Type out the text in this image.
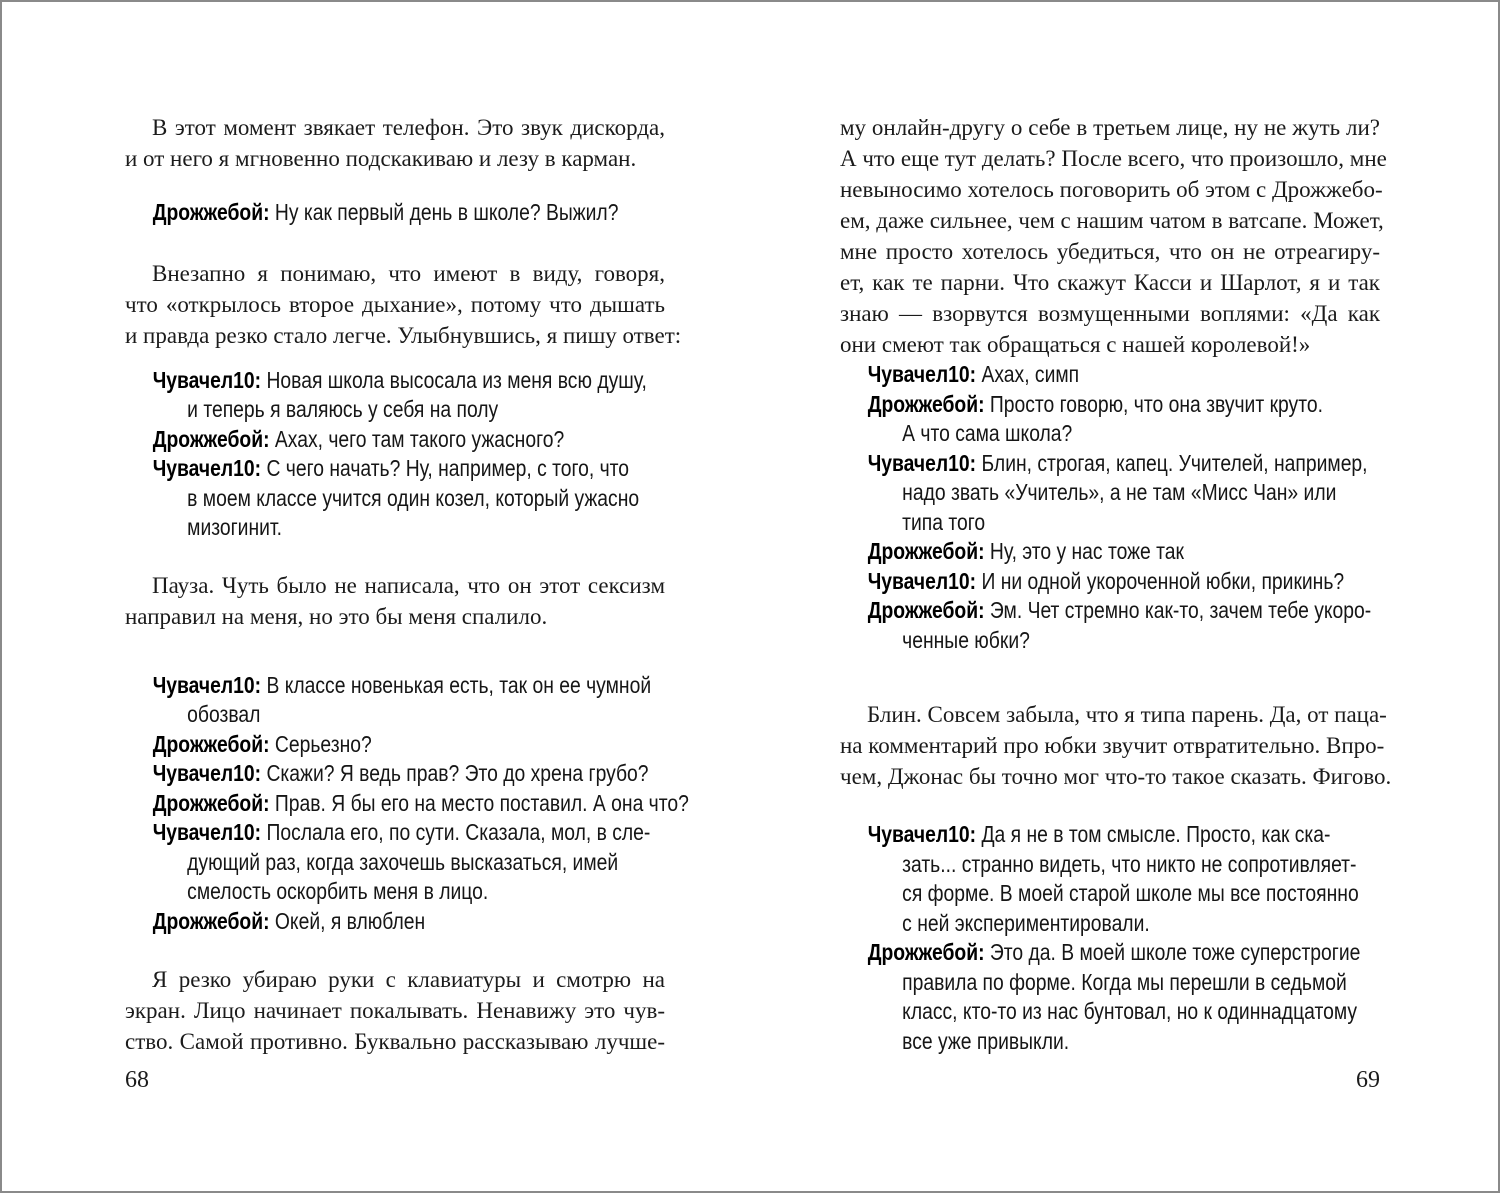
В этот момент звякает телефон. Это звук дискорда,
и от него я мгновенно подскакиваю и лезу в карман.
Дрожжебой: Ну как первый день в школе? Выжил?
Внезапно я понимаю, что имеют в виду, говоря,
что «открылось второе дыхание», потому что дышать
и правда резко стало легче. Улыбнувшись, я пишу ответ:
Чувачел10: Новая школа высосала из меня всю душу,
и теперь я валяюсь у себя на полу
Дрожжебой: Ахах, чего там такого ужасного?
Чувачел10: С чего начать? Ну, например, с того, что
в моем классе учится один козел, который ужасно
мизогинит.
Пауза. Чуть было не написала, что он этот сексизм
направил на меня, но это бы меня спалило.
Чувачел10: В классе новенькая есть, так он ее чумной
обозвал
Дрожжебой: Серьезно?
Чувачел10: Скажи? Я ведь прав? Это до хрена грубо?
Дрожжебой: Прав. Я бы его на место поставил. А она что?
Чувачел10: Послала его, по сути. Сказала, мол, в сле-
дующий раз, когда захочешь высказаться, имей
смелость оскорбить меня в лицо.
Дрожжебой: Окей, я влюблен
Я резко убираю руки с клавиатуры и смотрю на
экран. Лицо начинает покалывать. Ненавижу это чув-
ство. Самой противно. Буквально рассказываю лучше-
68
му онлайн-другу о себе в третьем лице, ну не жуть ли?
А что еще тут делать? После всего, что произошло, мне
невыносимо хотелось поговорить об этом с Дрожжебо-
ем, даже сильнее, чем с нашим чатом в ватсапе. Может,
мне просто хотелось убедиться, что он не отреагиру-
ет, как те парни. Что скажут Касси и Шарлот, я и так
знаю — взорвутся возмущенными воплями: «Да как
они смеют так обращаться с нашей королевой!»
Чувачел10: Ахах, симп
Дрожжебой: Просто говорю, что она звучит круто.
А что сама школа?
Чувачел10: Блин, строгая, капец. Учителей, например,
надо звать «Учитель», а не там «Мисс Чан» или
типа того
Дрожжебой: Ну, это у нас тоже так
Чувачел10: И ни одной укороченной юбки, прикинь?
Дрожжебой: Эм. Чет стремно как-то, зачем тебе укоро-
ченные юбки?
Блин. Совсем забыла, что я типа парень. Да, от паца-
на комментарий про юбки звучит отвратительно. Впро-
чем, Джонас бы точно мог что-то такое сказать. Фигово.
Чувачел10: Да я не в том смысле. Просто, как ска-
зать... странно видеть, что никто не сопротивляет-
ся форме. В моей старой школе мы все постоянно
с ней экспериментировали.
Дрожжебой: Это да. В моей школе тоже суперстрогие
правила по форме. Когда мы перешли в седьмой
класс, кто-то из нас бунтовал, но к одиннадцатому
все уже привыкли.
69
